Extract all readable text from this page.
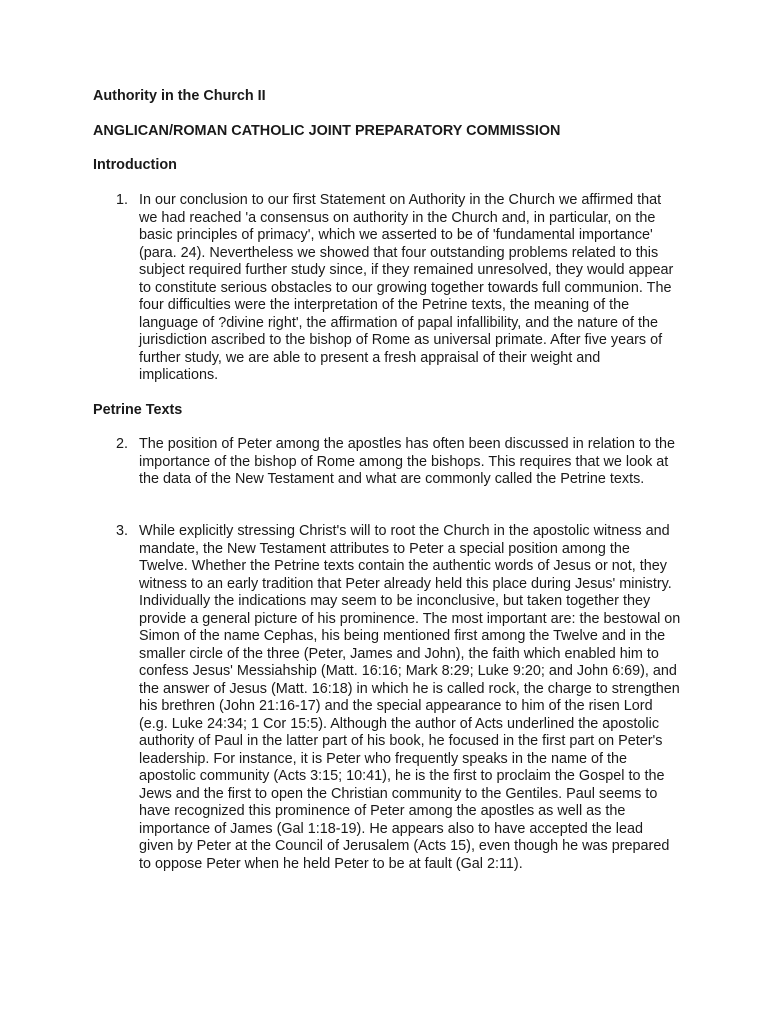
Authority in the Church II
ANGLICAN/ROMAN CATHOLIC JOINT PREPARATORY COMMISSION
Introduction
1. In our conclusion to our first Statement on Authority in the Church we affirmed that we had reached 'a consensus on authority in the Church and, in particular, on the basic principles of primacy', which we asserted to be of 'fundamental importance' (para. 24). Nevertheless we showed that four outstanding problems related to this subject required further study since, if they remained unresolved, they would appear to constitute serious obstacles to our growing together towards full communion. The four difficulties were the interpretation of the Petrine texts, the meaning of the language of ?divine right', the affirmation of papal infallibility, and the nature of the jurisdiction ascribed to the bishop of Rome as universal primate. After five years of further study, we are able to present a fresh appraisal of their weight and implications.

Petrine Texts
2. The position of Peter among the apostles has often been discussed in relation to the importance of the bishop of Rome among the bishops. This requires that we look at the data of the New Testament and what are commonly called the Petrine texts.

3. While explicitly stressing Christ's will to root the Church in the apostolic witness and mandate, the New Testament attributes to Peter a special position among the Twelve. Whether the Petrine texts contain the authentic words of Jesus or not, they witness to an early tradition that Peter already held this place during Jesus' ministry. Individually the indications may seem to be inconclusive, but taken together they provide a general picture of his prominence. The most important are: the bestowal on Simon of the name Cephas, his being mentioned first among the Twelve and in the smaller circle of the three (Peter, James and John), the faith which enabled him to confess Jesus' Messiahship (Matt. 16:16; Mark 8:29; Luke 9:20; and John 6:69), and the answer of Jesus (Matt. 16:18) in which he is called rock, the charge to strengthen his brethren (John 21:16-17) and the special appearance to him of the risen Lord (e.g. Luke 24:34; 1 Cor 15:5). Although the author of Acts underlined the apostolic authority of Paul in the latter part of his book, he focused in the first part on Peter's leadership. For instance, it is Peter who frequently speaks in the name of the apostolic community (Acts 3:15; 10:41), he is the first to proclaim the Gospel to the Jews and the first to open the Christian community to the Gentiles. Paul seems to have recognized this prominence of Peter among the apostles as well as the importance of James (Gal 1:18-19). He appears also to have accepted the lead given by Peter at the Council of Jerusalem (Acts 15), even though he was prepared to oppose Peter when he held Peter to be at fault (Gal 2:11).
